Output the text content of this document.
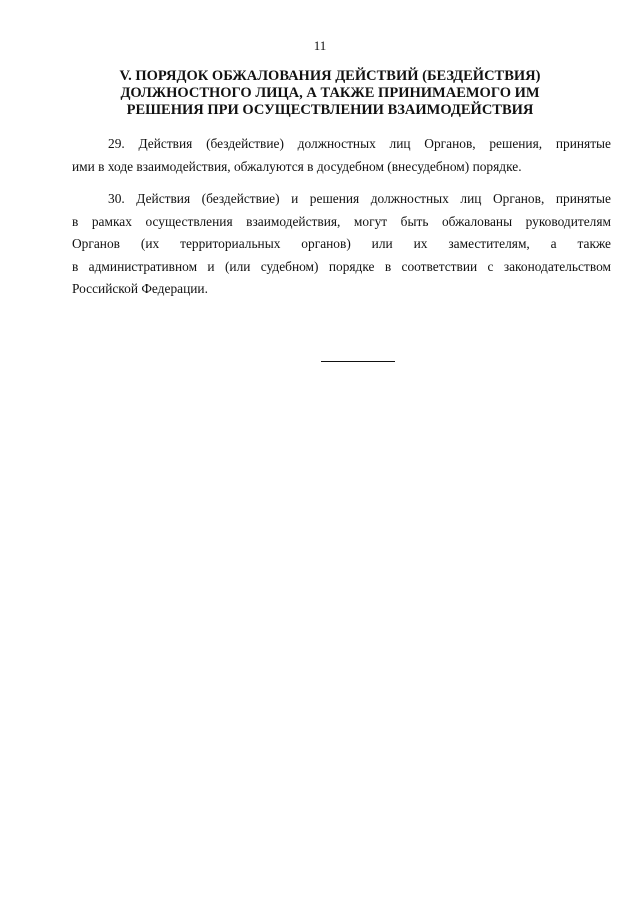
11
V. ПОРЯДОК ОБЖАЛОВАНИЯ ДЕЙСТВИЙ (БЕЗДЕЙСТВИЯ)
ДОЛЖНОСТНОГО ЛИЦА, А ТАКЖЕ ПРИНИМАЕМОГО ИМ
РЕШЕНИЯ ПРИ ОСУЩЕСТВЛЕНИИ ВЗАИМОДЕЙСТВИЯ
29. Действия (бездействие) должностных лиц Органов, решения, принятые
ими в ходе взаимодействия, обжалуются в досудебном (внесудебном) порядке.
30. Действия (бездействие) и решения должностных лиц Органов, принятые
в рамках осуществления взаимодействия, могут быть обжалованы руководителям
Органов (их территориальных органов) или их заместителям, а также
в административном и (или судебном) порядке в соответствии с законодательством
Российской Федерации.
